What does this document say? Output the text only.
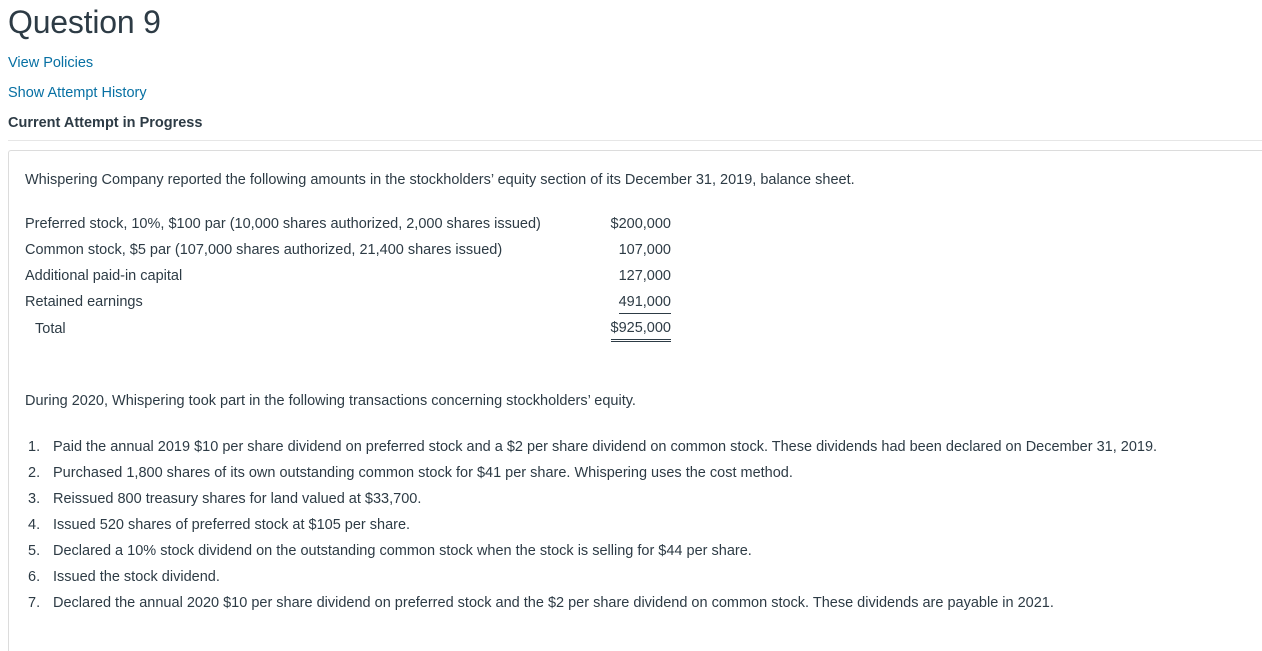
Question 9
View Policies
Show Attempt History
Current Attempt in Progress
Whispering Company reported the following amounts in the stockholders’ equity section of its December 31, 2019, balance sheet.
Preferred stock, 10%, $100 par (10,000 shares authorized, 2,000 shares issued)	$200,000
Common stock, $5 par (107,000 shares authorized, 21,400 shares issued)	107,000
Additional paid-in capital	127,000
Retained earnings	491,000
Total	$925,000
During 2020, Whispering took part in the following transactions concerning stockholders’ equity.
1. Paid the annual 2019 $10 per share dividend on preferred stock and a $2 per share dividend on common stock. These dividends had been declared on December 31, 2019.
2. Purchased 1,800 shares of its own outstanding common stock for $41 per share. Whispering uses the cost method.
3. Reissued 800 treasury shares for land valued at $33,700.
4. Issued 520 shares of preferred stock at $105 per share.
5. Declared a 10% stock dividend on the outstanding common stock when the stock is selling for $44 per share.
6. Issued the stock dividend.
7. Declared the annual 2020 $10 per share dividend on preferred stock and the $2 per share dividend on common stock. These dividends are payable in 2021.
